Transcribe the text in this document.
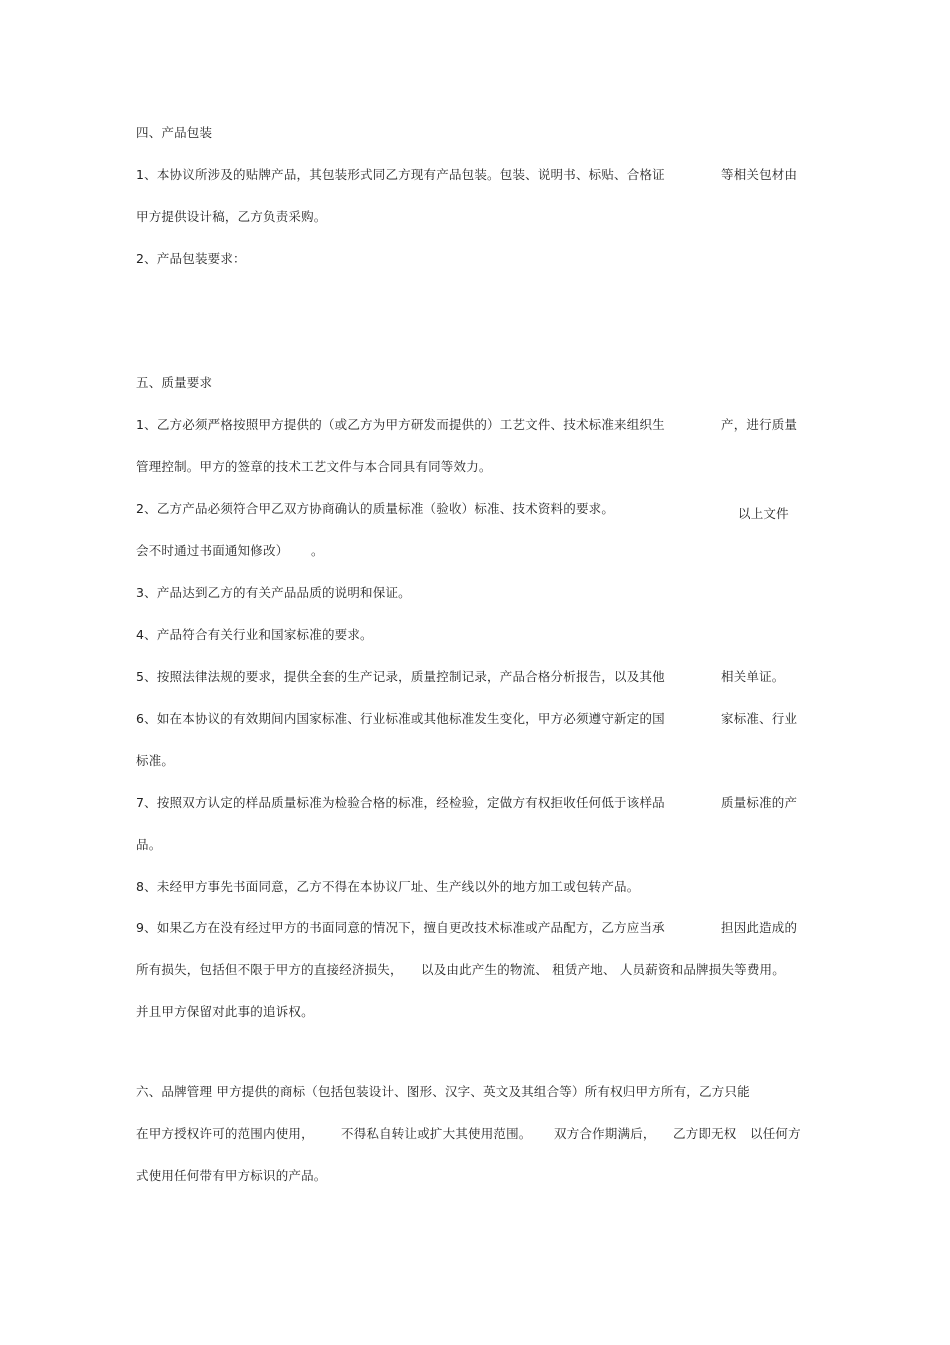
四、产品包装
1、本协议所涉及的贴牌产品，其包装形式同乙方现有产品包装。包装、说明书、标贴、合格证	等相关包材由
甲方提供设计稿，乙方负责采购。
2、产品包装要求：
五、质量要求
1、乙方必须严格按照甲方提供的（或乙方为甲方研发而提供的）工艺文件、技术标准来组织生	产，进行质量
管理控制。甲方的签章的技术工艺文件与本合同具有同等效力。
2、乙方产品必须符合甲乙双方协商确认的质量标准（验收）标准、技术资料的要求。	以上文件
会不时通过书面通知修改） 。
3、产品达到乙方的有关产品品质的说明和保证。
4、产品符合有关行业和国家标准的要求。
5、按照法律法规的要求，提供全套的生产记录，质量控制记录，产品合格分析报告，以及其他	相关单证。
6、如在本协议的有效期间内国家标准、行业标准或其他标准发生变化，甲方必须遵守新定的国	家标准、行业
标准。
7、按照双方认定的样品质量标准为检验合格的标准，经检验，定做方有权拒收任何低于该样品	质量标准的产
品。
8、未经甲方事先书面同意，乙方不得在本协议厂址、生产线以外的地方加工或包转产品。
9、如果乙方在没有经过甲方的书面同意的情况下，擅自更改技术标准或产品配方，乙方应当承	担因此造成的
所有损失，包括但不限于甲方的直接经济损失， 以及由此产生的物流、 租赁产地、 人员薪资和品牌损失等费用。
并且甲方保留对此事的追诉权。
六、品牌管理 甲方提供的商标（包括包装设计、图形、汉字、英文及其组合等）所有权归甲方所有，乙方只能
在甲方授权许可的范围内使用， 不得私自转让或扩大其使用范围。 双方合作期满后， 乙方即无权 以任何方
式使用任何带有甲方标识的产品。
